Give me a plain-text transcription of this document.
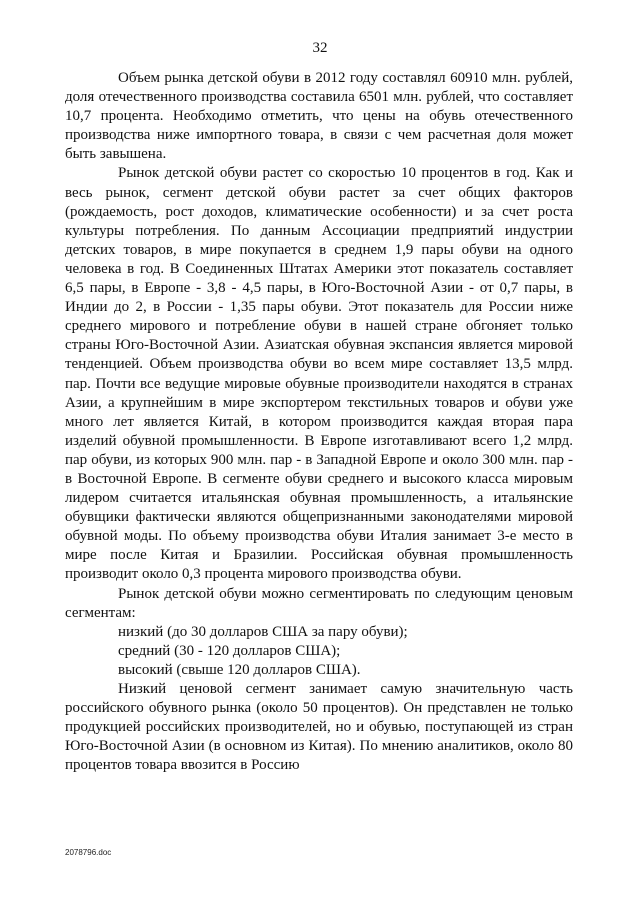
32

Объем рынка детской обуви в 2012 году составлял 60910 млн. рублей, доля отечественного производства составила 6501 млн. рублей, что составляет 10,7 процента. Необходимо отметить, что цены на обувь отечественного производства ниже импортного товара, в связи с чем расчетная доля может быть завышена.

Рынок детской обуви растет со скоростью 10 процентов в год. Как и весь рынок, сегмент детской обуви растет за счет общих факторов (рождаемость, рост доходов, климатические особенности) и за счет роста культуры потребления. По данным Ассоциации предприятий индустрии детских товаров, в мире покупается в среднем 1,9 пары обуви на одного человека в год. В Соединенных Штатах Америки этот показатель составляет 6,5 пары, в Европе - 3,8 - 4,5 пары, в Юго-Восточной Азии - от 0,7 пары, в Индии до 2, в России - 1,35 пары обуви. Этот показатель для России ниже среднего мирового и потребление обуви в нашей стране обгоняет только страны Юго-Восточной Азии. Азиатская обувная экспансия является мировой тенденцией. Объем производства обуви во всем мире составляет 13,5 млрд. пар. Почти все ведущие мировые обувные производители находятся в странах Азии, а крупнейшим в мире экспортером текстильных товаров и обуви уже много лет является Китай, в котором производится каждая вторая пара изделий обувной промышленности. В Европе изготавливают всего 1,2 млрд. пар обуви, из которых 900 млн. пар - в Западной Европе и около 300 млн. пар - в Восточной Европе. В сегменте обуви среднего и высокого класса мировым лидером считается итальянская обувная промышленность, а итальянские обувщики фактически являются общепризнанными законодателями мировой обувной моды. По объему производства обуви Италия занимает 3-е место в мире после Китая и Бразилии. Российская обувная промышленность производит около 0,3 процента мирового производства обуви.

Рынок детской обуви можно сегментировать по следующим ценовым сегментам:

низкий (до 30 долларов США за пару обуви);

средний (30 - 120 долларов США);

высокий (свыше 120 долларов США).

Низкий ценовой сегмент занимает самую значительную часть российского обувного рынка (около 50 процентов). Он представлен не только продукцией российских производителей, но и обувью, поступающей из стран Юго-Восточной Азии (в основном из Китая). По мнению аналитиков, около 80 процентов товара ввозится в Россию

2078796.doc
